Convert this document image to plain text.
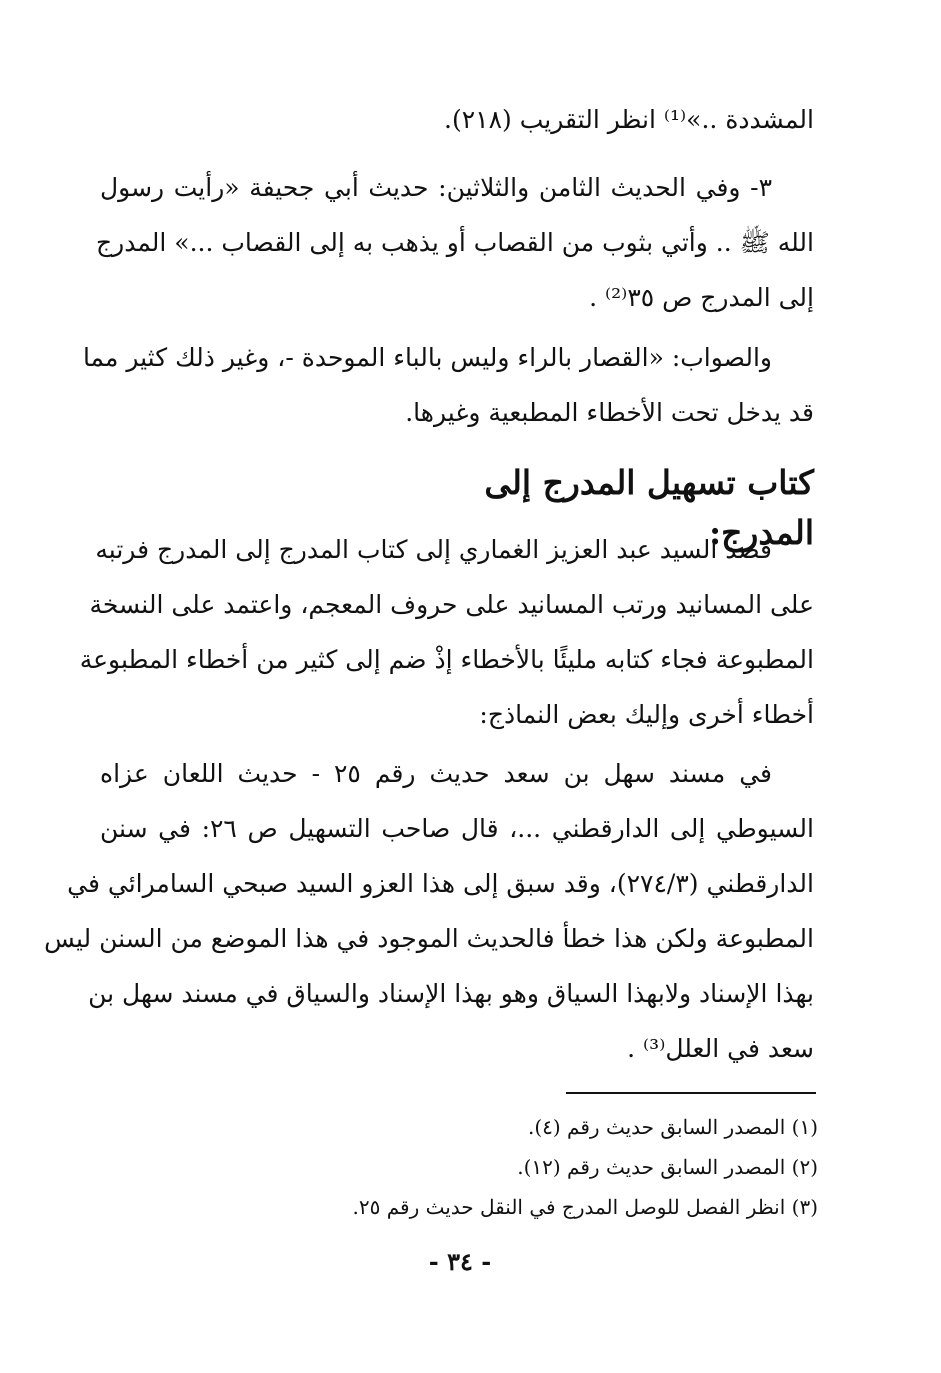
المشددة ..»⁽¹⁾ انظر التقريب (٢١٨).
٣- وفي الحديث الثامن والثلاثين: حديث أبي جحيفة «رأيت رسول
الله ﷺ .. وأتي بثوب من القصاب أو يذهب به إلى القصاب ...» المدرج
إلى المدرج ص ٣٥⁽²⁾ .
والصواب: «القصار بالراء وليس بالباء الموحدة -، وغير ذلك كثير مما
قد يدخل تحت الأخطاء المطبعية وغيرها.
كتاب تسهيل المدرج إلى المدرج:
قصد السيد عبد العزيز الغماري إلى كتاب المدرج إلى المدرج فرتبه
على المسانيد ورتب المسانيد على حروف المعجم، واعتمد على النسخة
المطبوعة فجاء كتابه مليئًا بالأخطاء إذْ ضم إلى كثير من أخطاء المطبوعة
أخطاء أخرى وإليك بعض النماذج:
في مسند سهل بن سعد حديث رقم ٢٥ - حديث اللعان عزاه
السيوطي إلى الدارقطني ...، قال صاحب التسهيل ص ٢٦: في سنن
الدارقطني (٢٧٤/٣)، وقد سبق إلى هذا العزو السيد صبحي السامرائي في
المطبوعة ولكن هذا خطأ فالحديث الموجود في هذا الموضع من السنن ليس
بهذا الإسناد ولابهذا السياق وهو بهذا الإسناد والسياق في مسند سهل بن
سعد في العلل⁽³⁾ .
(١) المصدر السابق حديث رقم (٤).
(٢) المصدر السابق حديث رقم (١٢).
(٣) انظر الفصل للوصل المدرج في النقل حديث رقم ٢٥.
- ٣٤ -
